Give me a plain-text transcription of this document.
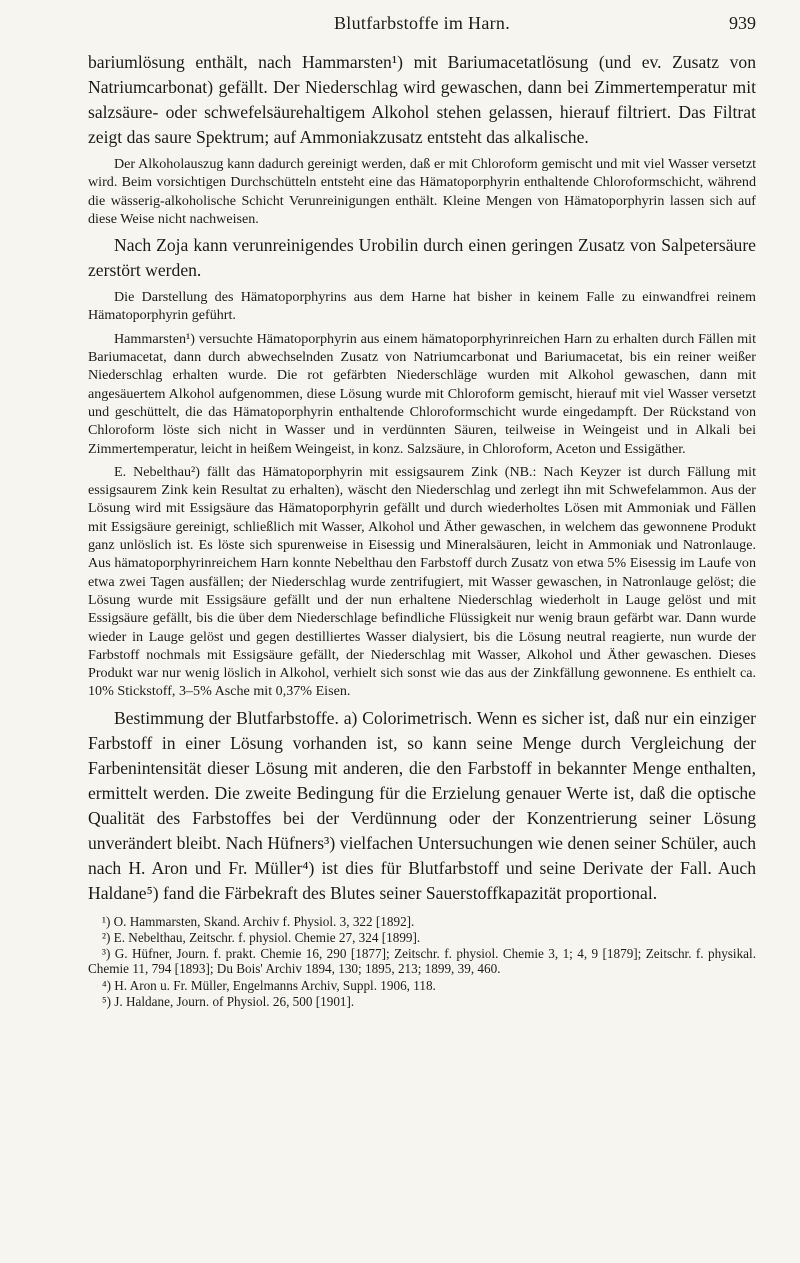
Blutfarbstoffe im Harn.	939

bariumlösung enthält, nach Hammarsten¹) mit Bariumacetatlösung (und ev. Zusatz von Natriumcarbonat) gefällt. Der Niederschlag wird gewaschen, dann bei Zimmertemperatur mit salzsäure- oder schwefelsäurehaltigem Alkohol stehen gelassen, hierauf filtriert. Das Filtrat zeigt das saure Spektrum; auf Ammoniakzusatz entsteht das alkalische.

Der Alkoholauszug kann dadurch gereinigt werden, daß er mit Chloroform gemischt und mit viel Wasser versetzt wird. Beim vorsichtigen Durchschütteln entsteht eine das Hämatoporphyrin enthaltende Chloroformschicht, während die wässerig-alkoholische Schicht Verunreinigungen enthält. Kleine Mengen von Hämatoporphyrin lassen sich auf diese Weise nicht nachweisen.

Nach Zoja kann verunreinigendes Urobilin durch einen geringen Zusatz von Salpetersäure zerstört werden.

Die Darstellung des Hämatoporphyrins aus dem Harne hat bisher in keinem Falle zu einwandfrei reinem Hämatoporphyrin geführt.

Hammarsten¹) versuchte Hämatoporphyrin aus einem hämatoporphyrinreichen Harn zu erhalten durch Fällen mit Bariumacetat, dann durch abwechselnden Zusatz von Natriumcarbonat und Bariumacetat, bis ein reiner weißer Niederschlag erhalten wurde. Die rot gefärbten Niederschläge wurden mit Alkohol gewaschen, dann mit angesäuertem Alkohol aufgenommen, diese Lösung wurde mit Chloroform gemischt, hierauf mit viel Wasser versetzt und geschüttelt, die das Hämatoporphyrin enthaltende Chloroformschicht wurde eingedampft. Der Rückstand von Chloroform löste sich nicht in Wasser und in verdünnten Säuren, teilweise in Weingeist und in Alkali bei Zimmertemperatur, leicht in heißem Weingeist, in konz. Salzsäure, in Chloroform, Aceton und Essigäther.

E. Nebelthau²) fällt das Hämatoporphyrin mit essigsaurem Zink (NB.: Nach Keyzer ist durch Fällung mit essigsaurem Zink kein Resultat zu erhalten), wäscht den Niederschlag und zerlegt ihn mit Schwefelammon. Aus der Lösung wird mit Essigsäure das Hämatoporphyrin gefällt und durch wiederholtes Lösen mit Ammoniak und Fällen mit Essigsäure gereinigt, schließlich mit Wasser, Alkohol und Äther gewaschen, in welchem das gewonnene Produkt ganz unlöslich ist. Es löste sich spurenweise in Eisessig und Mineralsäuren, leicht in Ammoniak und Natronlauge. Aus hämatoporphyrinreichem Harn konnte Nebelthau den Farbstoff durch Zusatz von etwa 5% Eisessig im Laufe von etwa zwei Tagen ausfällen; der Niederschlag wurde zentrifugiert, mit Wasser gewaschen, in Natronlauge gelöst; die Lösung wurde mit Essigsäure gefällt und der nun erhaltene Niederschlag wiederholt in Lauge gelöst und mit Essigsäure gefällt, bis die über dem Niederschlage befindliche Flüssigkeit nur wenig braun gefärbt war. Dann wurde wieder in Lauge gelöst und gegen destilliertes Wasser dialysiert, bis die Lösung neutral reagierte, nun wurde der Farbstoff nochmals mit Essigsäure gefällt, der Niederschlag mit Wasser, Alkohol und Äther gewaschen. Dieses Produkt war nur wenig löslich in Alkohol, verhielt sich sonst wie das aus der Zinkfällung gewonnene. Es enthielt ca. 10% Stickstoff, 3–5% Asche mit 0,37% Eisen.

Bestimmung der Blutfarbstoffe. a) Colorimetrisch. Wenn es sicher ist, daß nur ein einziger Farbstoff in einer Lösung vorhanden ist, so kann seine Menge durch Vergleichung der Farbenintensität dieser Lösung mit anderen, die den Farbstoff in bekannter Menge enthalten, ermittelt werden. Die zweite Bedingung für die Erzielung genauer Werte ist, daß die optische Qualität des Farbstoffes bei der Verdünnung oder der Konzentrierung seiner Lösung unverändert bleibt. Nach Hüfners³) vielfachen Untersuchungen wie denen seiner Schüler, auch nach H. Aron und Fr. Müller⁴) ist dies für Blutfarbstoff und seine Derivate der Fall. Auch Haldane⁵) fand die Färbekraft des Blutes seiner Sauerstoffkapazität proportional.

¹) O. Hammarsten, Skand. Archiv f. Physiol. 3, 322 [1892].

²) E. Nebelthau, Zeitschr. f. physiol. Chemie 27, 324 [1899].

³) G. Hüfner, Journ. f. prakt. Chemie 16, 290 [1877]; Zeitschr. f. physiol. Chemie 3, 1; 4, 9 [1879]; Zeitschr. f. physikal. Chemie 11, 794 [1893]; Du Bois' Archiv 1894, 130; 1895, 213; 1899, 39, 460.

⁴) H. Aron u. Fr. Müller, Engelmanns Archiv, Suppl. 1906, 118.

⁵) J. Haldane, Journ. of Physiol. 26, 500 [1901].
